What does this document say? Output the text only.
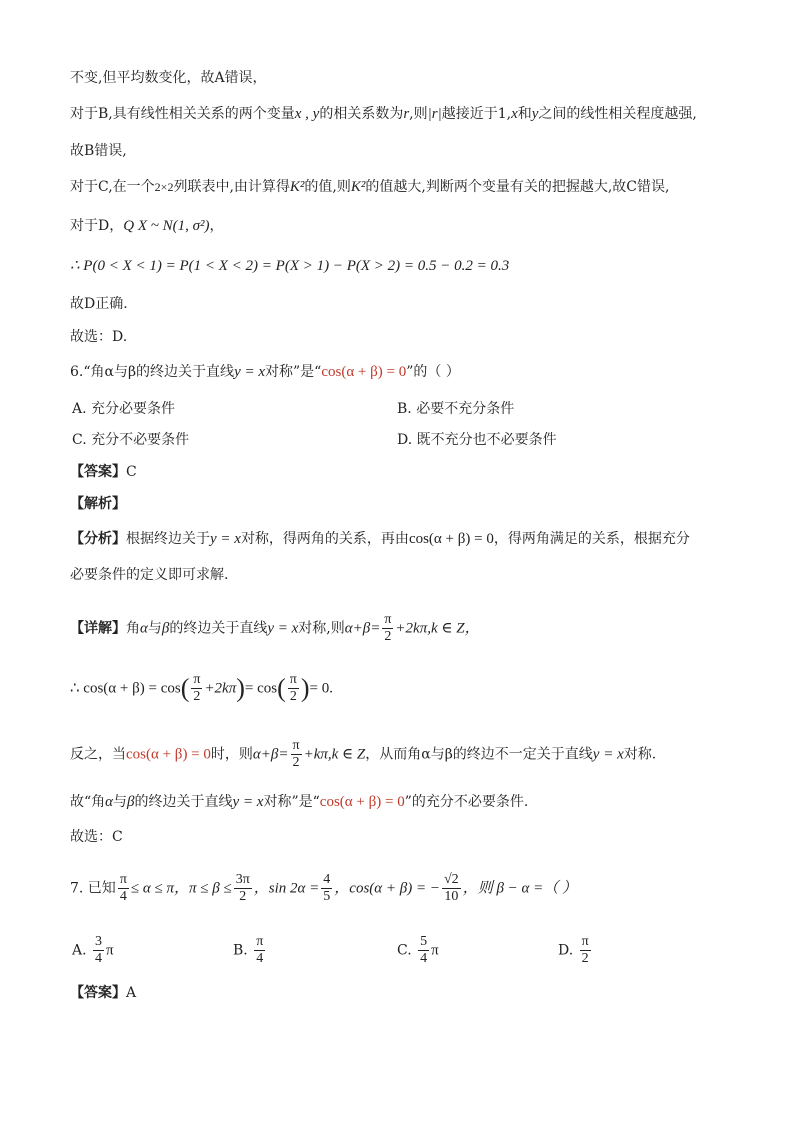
不变,但平均数变化，故A错误，
对于B,具有线性相关关系的两个变量x , y的相关系数为r,则|r|越接近于1,x和y之间的线性相关程度越强,
故B错误,
对于C,在一个2×2列联表中,由计算得K²的值,则K²的值越大,判断两个变量有关的把握越大,故C错误,
对于D，Q X ~ N(1, σ²)，
∴ P(0 < X < 1) = P(1 < X < 2) = P(X > 1) − P(X > 2) = 0.5 − 0.2 = 0.3
故D正确.
故选：D.
6.“角α与β的终边关于直线y = x对称”是“cos(α + β) = 0”的（ ）
A. 充分必要条件	B. 必要不充分条件
C. 充分不必要条件	D. 既不充分也不必要条件
【答案】C
【解析】
【分析】根据终边关于y = x对称，得两角的关系，再由cos(α + β) = 0，得两角满足的关系，根据充分
必要条件的定义即可求解.
【详解】角α与β的终边关于直线y = x对称,则$\alpha+\beta= \frac{\pi}{2} +2k\pi,k$ ∈ Z，
∴ $\cos(\alpha + \beta) = \cos( \frac{\pi}{2} +2k\pi)= \cos( \frac{\pi}{2}$ )= 0.
反之，当cos(α + β) = 0时，则$\alpha+\beta= \frac{\pi}{2} +k\pi,k$ ∈ Z，从而角α与β的终边不一定关于直线y = x对称.
故“角α与β的终边关于直线y = x对称”是“cos(α + β) = 0”的充分不必要条件.
故选：C
7. 已知 $\frac{\pi}{4} \le \alpha \le \pi$，$\pi \le \beta \le \frac{3\pi}{2}$ ，$\sin 2\alpha = \frac{4}{5}$ ，cos(α + β) = − $\frac{√2}{10}$ ，则 β − α =（ ）
A. $\frac{3}{4}$ π	B. $\frac{\pi}{4}$	C. $\frac{5}{4}$ π	D. $\frac{\pi}{2}$
【答案】A
